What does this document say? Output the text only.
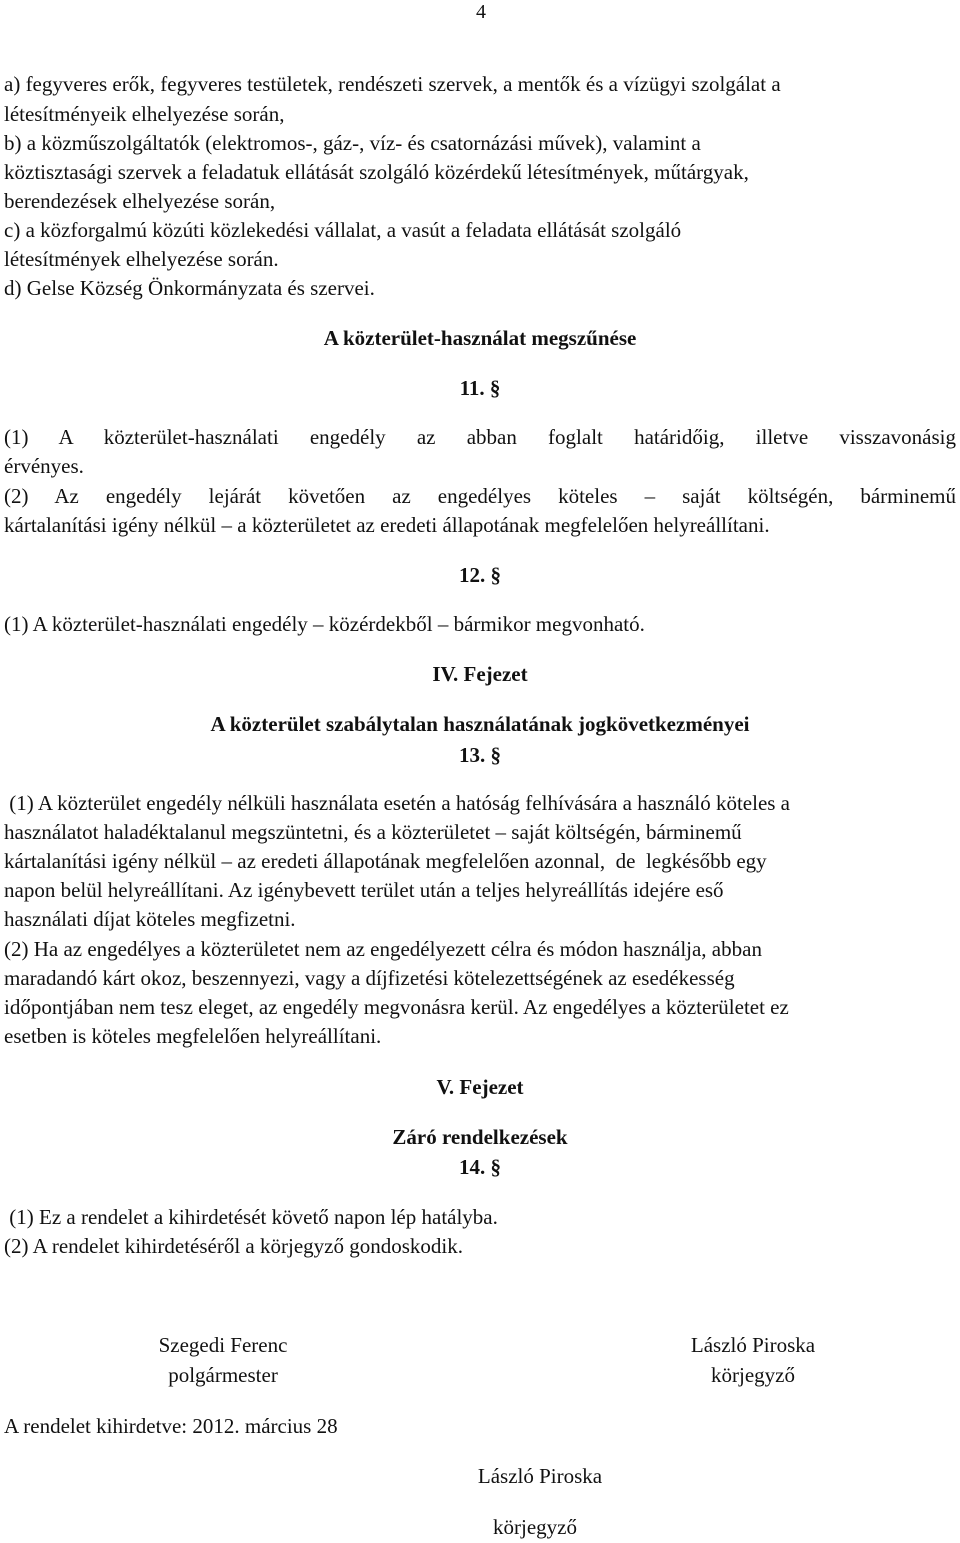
4
a) fegyveres erők, fegyveres testületek, rendészeti szervek, a mentők és a vízügyi szolgálat a
létesítményeik elhelyezése során,
b) a közműszolgáltatók (elektromos-, gáz-, víz- és csatornázási művek), valamint a
köztisztasági szervek a feladatuk ellátását szolgáló közérdekű létesítmények, műtárgyak,
berendezések elhelyezése során,
c) a közforgalmú közúti közlekedési vállalat, a vasút a feladata ellátását szolgáló
létesítmények elhelyezése során.
d) Gelse Község Önkormányzata és szervei.
A közterület-használat megszűnése
11. §
(1) A közterület-használati engedély az abban foglalt határidőig, illetve visszavonásig
érvényes.
(2) Az engedély lejárát követően az engedélyes köteles – saját költségén, bárminemű
kártalanítási igény nélkül – a közterületet az eredeti állapotának megfelelően helyreállítani.
12. §
(1) A közterület-használati engedély – közérdekből – bármikor megvonható.
IV. Fejezet
A közterület szabálytalan használatának jogkövetkezményei
13. §
(1) A közterület engedély nélküli használata esetén a hatóság felhívására a használó köteles a
használatot haladéktalanul megszüntetni, és a közterületet – saját költségén, bárminemű
kártalanítási igény nélkül – az eredeti állapotának megfelelően azonnal,  de  legkésőbb egy
napon belül helyreállítani. Az igénybevett terület után a teljes helyreállítás idejére eső
használati díjat köteles megfizetni.
(2) Ha az engedélyes a közterületet nem az engedélyezett célra és módon használja, abban
maradandó kárt okoz, beszennyezi, vagy a díjfizetési kötelezettségének az esedékesség
időpontjában nem tesz eleget, az engedély megvonásra kerül. Az engedélyes a közterületet ez
esetben is köteles megfelelően helyreállítani.
V. Fejezet
Záró rendelkezések
14. §
(1) Ez a rendelet a kihirdetését követő napon lép hatályba.
(2) A rendelet kihirdetéséről a körjegyző gondoskodik.
Szegedi Ferenc
polgármester
László Piroska
körjegyző
A rendelet kihirdetve: 2012. március 28
László Piroska
körjegyző
